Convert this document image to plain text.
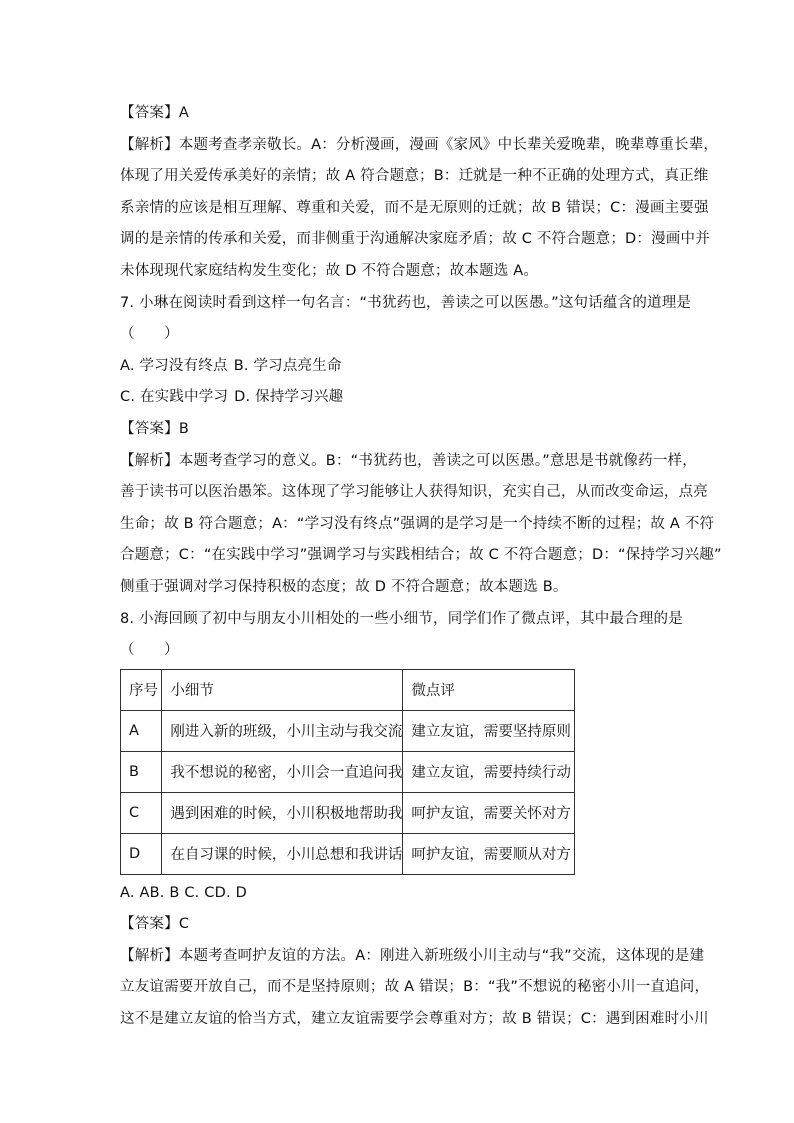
【答案】A
【解析】本题考查孝亲敬长。A：分析漫画，漫画《家风》中长辈关爱晚辈，晚辈尊重长辈，
体现了用关爱传承美好的亲情；故 A 符合题意；B：迁就是一种不正确的处理方式，真正维
系亲情的应该是相互理解、尊重和关爱，而不是无原则的迁就；故 B 错误；C：漫画主要强
调的是亲情的传承和关爱，而非侧重于沟通解决家庭矛盾；故 C 不符合题意；D：漫画中并
未体现现代家庭结构发生变化；故 D 不符合题意；故本题选 A。
7. 小琳在阅读时看到这样一句名言：“书犹药也，善读之可以医愚。”这句话蕴含的道理是
（　　）
A. 学习没有终点 B. 学习点亮生命
C. 在实践中学习 D. 保持学习兴趣
【答案】B
【解析】本题考查学习的意义。B：“书犹药也，善读之可以医愚。”意思是书就像药一样，
善于读书可以医治愚笨。这体现了学习能够让人获得知识，充实自己，从而改变命运，点亮
生命；故 B 符合题意；A：“学习没有终点”强调的是学习是一个持续不断的过程；故 A 不符
合题意；C：“在实践中学习”强调学习与实践相结合；故 C 不符合题意；D：“保持学习兴趣”
侧重于强调对学习保持积极的态度；故 D 不符合题意；故本题选 B。
8. 小海回顾了初中与朋友小川相处的一些小细节，同学们作了微点评，其中最合理的是
（　　）
序号	小细节	微点评
A	刚进入新的班级，小川主动与我交流	建立友谊，需要坚持原则
B	我不想说的秘密，小川会一直追问我	建立友谊，需要持续行动
C	遇到困难的时候，小川积极地帮助我	呵护友谊，需要关怀对方
D	在自习课的时候，小川总想和我讲话	呵护友谊，需要顺从对方
A. AB. B C. CD. D
【答案】C
【解析】本题考查呵护友谊的方法。A：刚进入新班级小川主动与“我”交流，这体现的是建
立友谊需要开放自己，而不是坚持原则；故 A 错误；B：“我”不想说的秘密小川一直追问，
这不是建立友谊的恰当方式，建立友谊需要学会尊重对方；故 B 错误；C：遇到困难时小川
